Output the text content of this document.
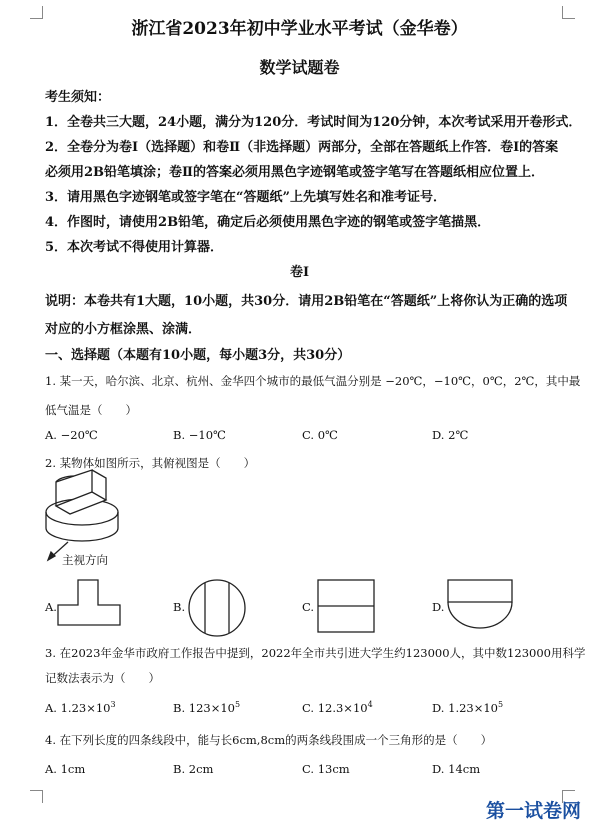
浙江省2023年初中学业水平考试（金华卷）
数学试题卷
考生须知：
1．全卷共三大题，24小题，满分为120分．考试时间为120分钟，本次考试采用开卷形式．
2．全卷分为卷Ⅰ（选择题）和卷Ⅱ（非选择题）两部分，全部在答题纸上作答．卷Ⅰ的答案
必须用2B铅笔填涂；卷Ⅱ的答案必须用黑色字迹钢笔或签字笔写在答题纸相应位置上．
3．请用黑色字迹钢笔或签字笔在“答题纸”上先填写姓名和准考证号．
4．作图时，请使用2B铅笔，确定后必须使用黑色字迹的钢笔或签字笔描黑．
5．本次考试不得使用计算器．
卷Ⅰ
说明：本卷共有1大题，10小题，共30分．请用2B铅笔在“答题纸”上将你认为正确的选项
对应的小方框涂黑、涂满．
一、选择题（本题有10小题，每小题3分，共30分）
1. 某一天，哈尔滨、北京、杭州、金华四个城市的最低气温分别是 −20℃，−10℃，0℃，2℃，其中最
低气温是（　　）
A. −20℃	B. −10℃	C. 0℃	D. 2℃
2. 某物体如图所示，其俯视图是（　　）
主视方向
A.	B.	C.	D.
3. 在2023年金华市政府工作报告中提到，2022年全市共引进大学生约123000人，其中数123000用科学
记数法表示为（　　）
A. $1.23\times 10^3$	B. $123\times 10^5$	C. $12.3\times 10^4$	D. $1.23\times 10^5$
4. 在下列长度的四条线段中，能与长6cm,8cm的两条线段围成一个三角形的是（　　）
A. 1cm	B. 2cm	C. 13cm	D. 14cm
第一试卷网
